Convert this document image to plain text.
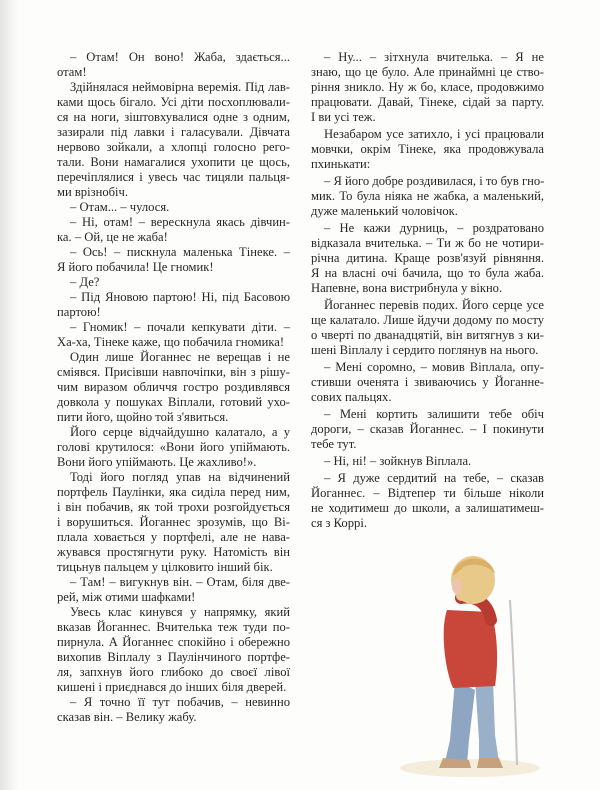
– Отам! Он воно! Жаба, здається...
отам!
Здійнялася неймовірна веремія. Під лав-
ками щось бігало. Усі діти посхоплювали-
ся на ноги, зіштовхувалися одне з одним,
зазирали під лавки і галасували. Дівчата
нервово зойкали, а хлопці голосно рего-
тали. Вони намагалися ухопити це щось,
перечіплялися і увесь час тицяли пальця-
ми врізнобіч.
– Отам... – чулося.
– Ні, отам! – верескнула якась дівчин-
ка. – Ой, це не жаба!
– Ось! – пискнула маленька Тінеке. –
Я його побачила! Це гномик!
– Де?
– Під Яновою партою! Ні, під Басовою
партою!
– Гномик! – почали кепкувати діти. –
Ха-ха, Тінеке каже, що побачила гномика!
Один лише Йоганнес не верещав і не
сміявся. Присівши навпочіпки, він з рішу-
чим виразом обличчя гостро роздивлявся
довкола у пошуках Віплали, готовий ухо-
пити його, щойно той з'явиться.
Його серце відчайдушно калатало, а у
голові крутилося: «Вони його упіймають.
Вони його упіймають. Це жахливо!».
Тоді його погляд упав на відчинений
портфель Паулінки, яка сиділа перед ним,
і він побачив, як той трохи розгойдується
і ворушиться. Йоганнес зрозумів, що Ві-
плала ховається у портфелі, але не нава-
жувався простягнути руку. Натомість він
тицьнув пальцем у цілковито інший бік.
– Там! – вигукнув він. – Отам, біля две-
рей, між отими шафками!
Увесь клас кинувся у напрямку, який
вказав Йоганнес. Вчителька теж туди по-
пирнула. А Йоганнес спокійно і обережно
вихопив Віплалу з Паулінчиного портфе-
ля, запхнув його глибоко до своєї лівої
кишені і приєднався до інших біля дверей.
– Я точно її тут побачив, – невинно
сказав він. – Велику жабу.
– Ну... – зітхнула вчителька. – Я не
знаю, що це було. Але принаймні це ство-
ріння зникло. Ну ж бо, класе, продовжимо
працювати. Давай, Тінеке, сідай за парту.
І ви усі теж.
Незабаром усе затихло, і усі працювали
мовчки, окрім Тінеке, яка продовжувала
пхинькати:
– Я його добре роздивилася, і то був гно-
мик. То була ніяка не жабка, а маленький,
дуже маленький чоловічок.
– Не кажи дурниць, – роздратовано
відказала вчителька. – Ти ж бо не чотири-
річна дитина. Краще розв'язуй рівняння.
Я на власні очі бачила, що то була жаба.
Напевне, вона вистрибнула у вікно.
Йоганнес перевів подих. Його серце усе
ще калатало. Лише йдучи додому по мосту
о чверті по дванадцятій, він витягнув з ки-
шені Віплалу і сердито поглянув на нього.
– Мені соромно, – мовив Віплала, опу-
стивши оченята і звиваючись у Йоганне-
сових пальцях.
– Мені кортить залишити тебе обіч
дороги, – сказав Йоганнес. – І покинути
тебе тут.
– Ні, ні! – зойкнув Віплала.
– Я дуже сердитий на тебе, – сказав
Йоганнес. – Відтепер ти більше ніколи
не ходитимеш до школи, а залишатимеш-
ся з Коррі.
